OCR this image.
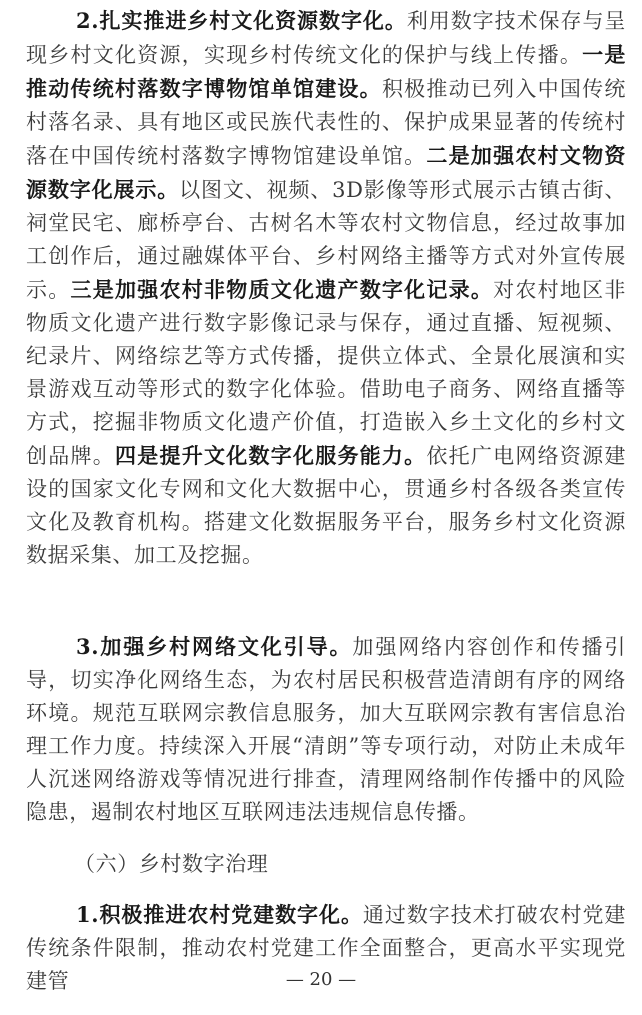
2.扎实推进乡村文化资源数字化。利用数字技术保存与呈现乡村文化资源，实现乡村传统文化的保护与线上传播。一是推动传统村落数字博物馆单馆建设。积极推动已列入中国传统村落名录、具有地区或民族代表性的、保护成果显著的传统村落在中国传统村落数字博物馆建设单馆。二是加强农村文物资源数字化展示。以图文、视频、3D影像等形式展示古镇古街、祠堂民宅、廊桥亭台、古树名木等农村文物信息，经过故事加工创作后，通过融媒体平台、乡村网络主播等方式对外宣传展示。三是加强农村非物质文化遗产数字化记录。对农村地区非物质文化遗产进行数字影像记录与保存，通过直播、短视频、纪录片、网络综艺等方式传播，提供立体式、全景化展演和实景游戏互动等形式的数字化体验。借助电子商务、网络直播等方式，挖掘非物质文化遗产价值，打造嵌入乡土文化的乡村文创品牌。四是提升文化数字化服务能力。依托广电网络资源建设的国家文化专网和文化大数据中心，贯通乡村各级各类宣传文化及教育机构。搭建文化数据服务平台，服务乡村文化资源数据采集、加工及挖掘。
3.加强乡村网络文化引导。加强网络内容创作和传播引导，切实净化网络生态，为农村居民积极营造清朗有序的网络环境。规范互联网宗教信息服务，加大互联网宗教有害信息治理工作力度。持续深入开展“清朗”等专项行动，对防止未成年人沉迷网络游戏等情况进行排查，清理网络制作传播中的风险隐患，遏制农村地区互联网违法违规信息传播。
（六）乡村数字治理
1.积极推进农村党建数字化。通过数字技术打破农村党建传统条件限制，推动农村党建工作全面整合，更高水平实现党建管	— 20 —
